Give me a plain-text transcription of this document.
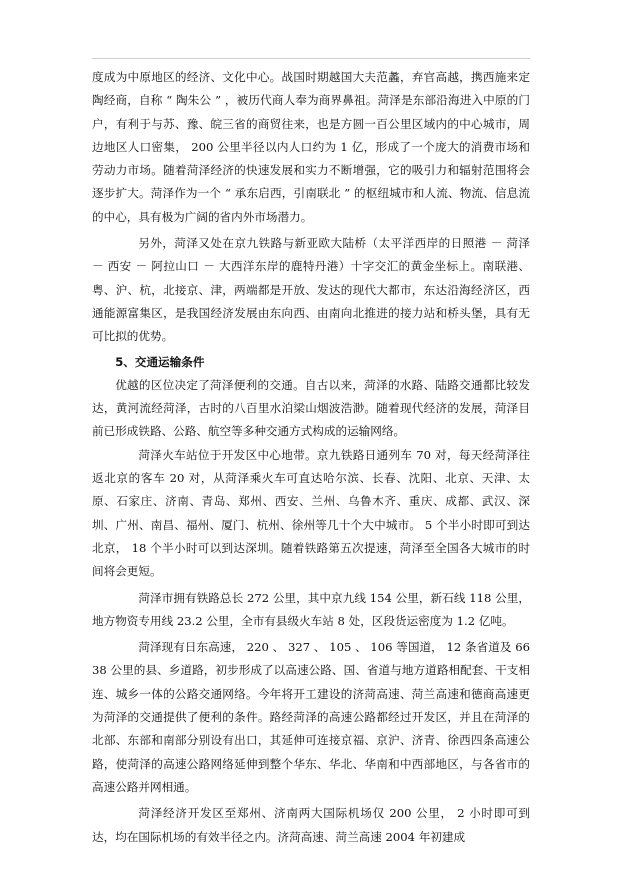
度成为中原地区的经济、文化中心。战国时期越国大夫范蠡，弃官高越，携西施来定陶经商，自称 “ 陶朱公 ” ，被历代商人奉为商界鼻祖。菏泽是东部沿海进入中原的门户，有利于与苏、豫、皖三省的商贸往来，也是方圆一百公里区域内的中心城市，周边地区人口密集， 200 公里半径以内人口约为 1 亿，形成了一个庞大的消费市场和劳动力市场。随着菏泽经济的快速发展和实力不断增强，它的吸引力和辐射范围将会逐步扩大。菏泽作为一个 “ 承东启西，引南联北 ” 的枢纽城市和人流、物流、信息流的中心，具有极为广阔的省内外市场潜力。

另外，菏泽又处在京九铁路与新亚欧大陆桥（太平洋西岸的日照港 － 菏泽 － 西安 － 阿拉山口 － 大西洋东岸的鹿特丹港）十字交汇的黄金坐标上。南联港、粤、沪、杭，北接京、津，两端都是开放、发达的现代大都市，东达沿海经济区，西通能源富集区，是我国经济发展由东向西、由南向北推进的接力站和桥头堡，具有无可比拟的优势。

5、交通运输条件

优越的区位决定了菏泽便利的交通。自古以来，菏泽的水路、陆路交通都比较发达，黄河流经菏泽，古时的八百里水泊梁山烟波浩渺。随着现代经济的发展，菏泽目前已形成铁路、公路、航空等多种交通方式构成的运输网络。

菏泽火车站位于开发区中心地带。京九铁路日通列车 70 对，每天经菏泽往返北京的客车 20 对，从菏泽乘火车可直达哈尔滨、长春、沈阳、北京、天津、太原、石家庄、济南、青岛、郑州、西安、兰州、乌鲁木齐、重庆、成都、武汉、深圳、广州、南昌、福州、厦门、杭州、徐州等几十个大中城市。 5 个半小时即可到达北京， 18 个半小时可以到达深圳。随着铁路第五次提速，菏泽至全国各大城市的时间将会更短。

菏泽市拥有铁路总长 272 公里，其中京九线 154 公里，新石线 118 公里，地方物资专用线 23.2 公里，全市有县级火车站 8 处，区段货运密度为 1.2 亿吨。

菏泽现有日东高速， 220 、 327 、 105 、 106 等国道， 12 条省道及 6638 公里的县、乡道路，初步形成了以高速公路、国、省道与地方道路相配套、干支相连、城乡一体的公路交通网络。今年将开工建设的济菏高速、菏兰高速和德商高速更为菏泽的交通提供了便利的条件。路经菏泽的高速公路都经过开发区，并且在菏泽的北部、东部和南部分别设有出口，其延伸可连接京福、京沪、济青、徐西四条高速公路，使菏泽的高速公路网络延伸到整个华东、华北、华南和中西部地区，与各省市的高速公路并网相通。

菏泽经济开发区至郑州、济南两大国际机场仅 200 公里， 2 小时即可到达，均在国际机场的有效半径之内。济菏高速、菏兰高速 2004 年初建成
